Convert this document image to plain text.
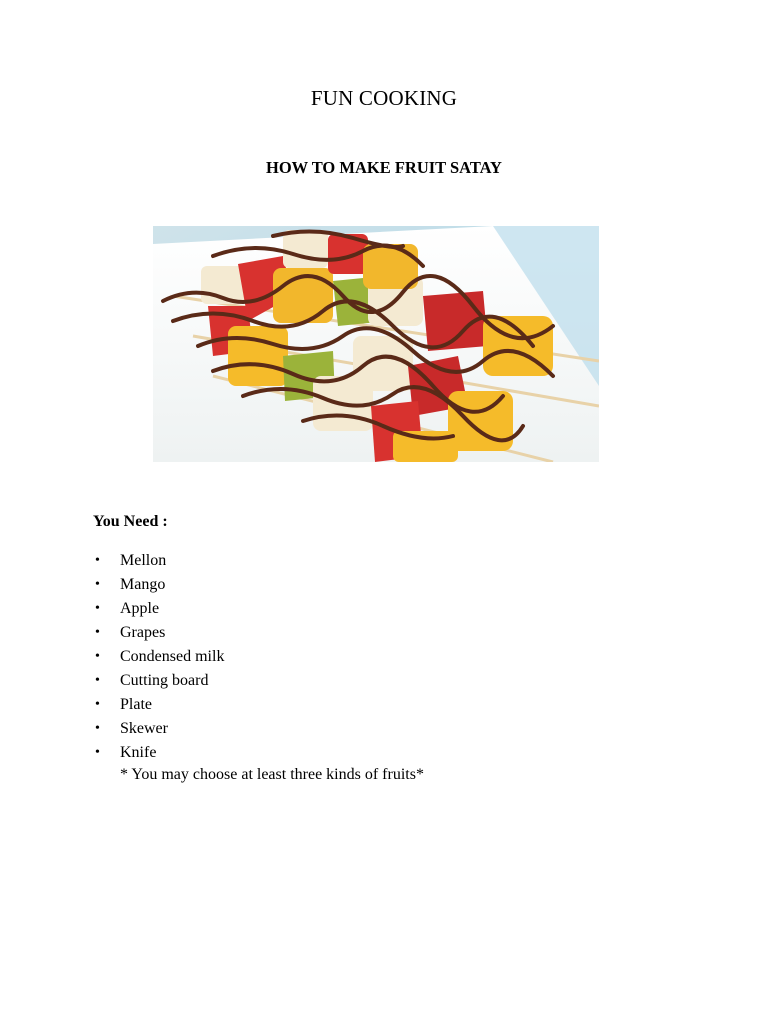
FUN COOKING
HOW TO MAKE FRUIT SATAY
You Need :
•	Mellon
•	Mango
•	Apple
•	Grapes
•	Condensed milk
•	Cutting board
•	Plate
•	Skewer
•	Knife
* You may choose at least three kinds of fruits*
